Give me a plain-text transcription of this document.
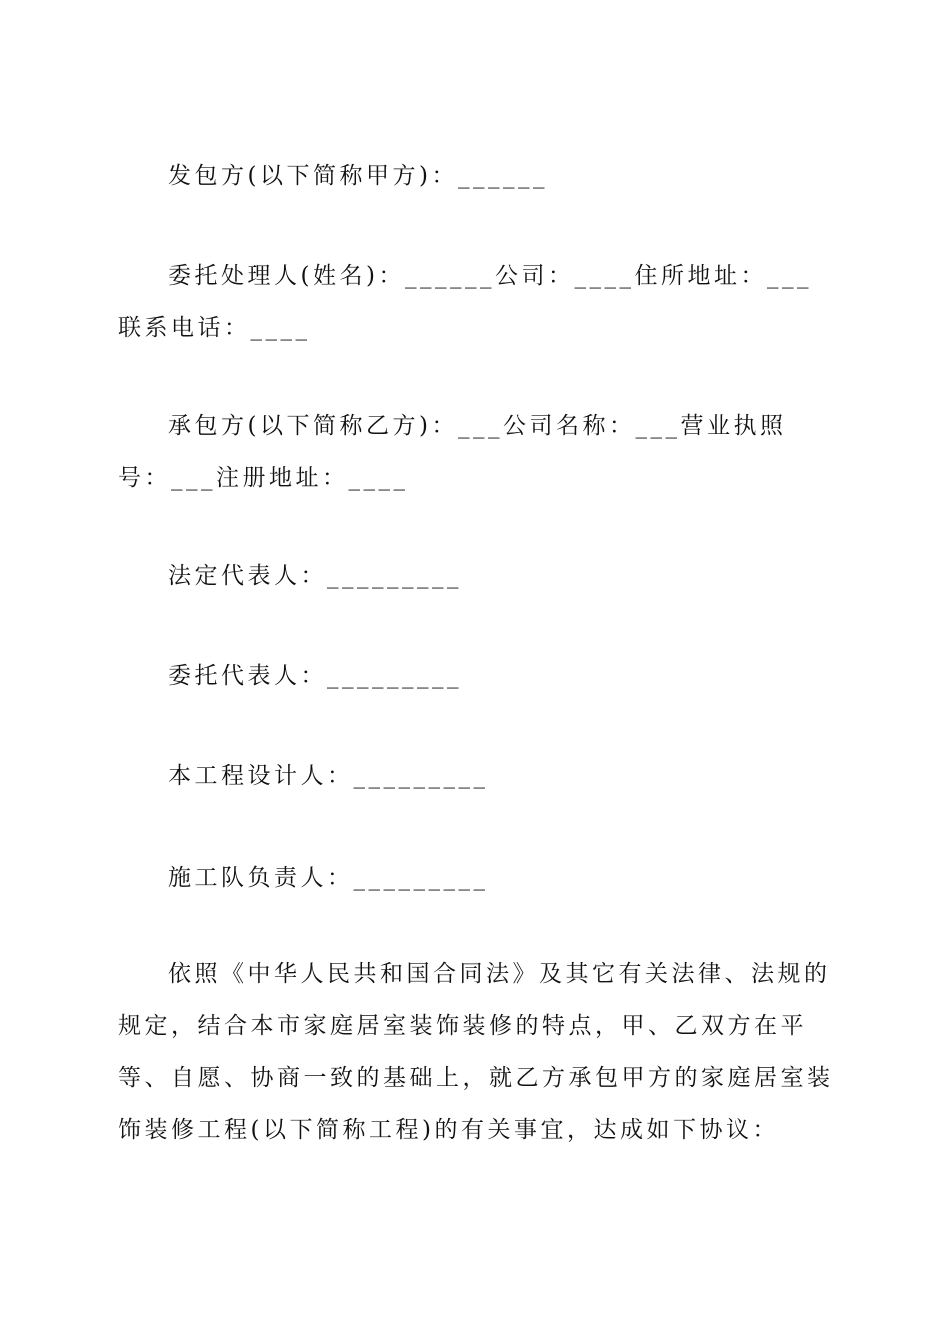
发包方(以下简称甲方)：______

委托处理人(姓名)：______公司：____住所地址：___联系电话：____

承包方(以下简称乙方)：___公司名称：___营业执照号：___注册地址：____

法定代表人：_________

委托代表人：_________

本工程设计人：_________

施工队负责人：_________

依照《中华人民共和国合同法》及其它有关法律、法规的规定，结合本市家庭居室装饰装修的特点，甲、乙双方在平等、自愿、协商一致的基础上，就乙方承包甲方的家庭居室装饰装修工程(以下简称工程)的有关事宜，达成如下协议：
